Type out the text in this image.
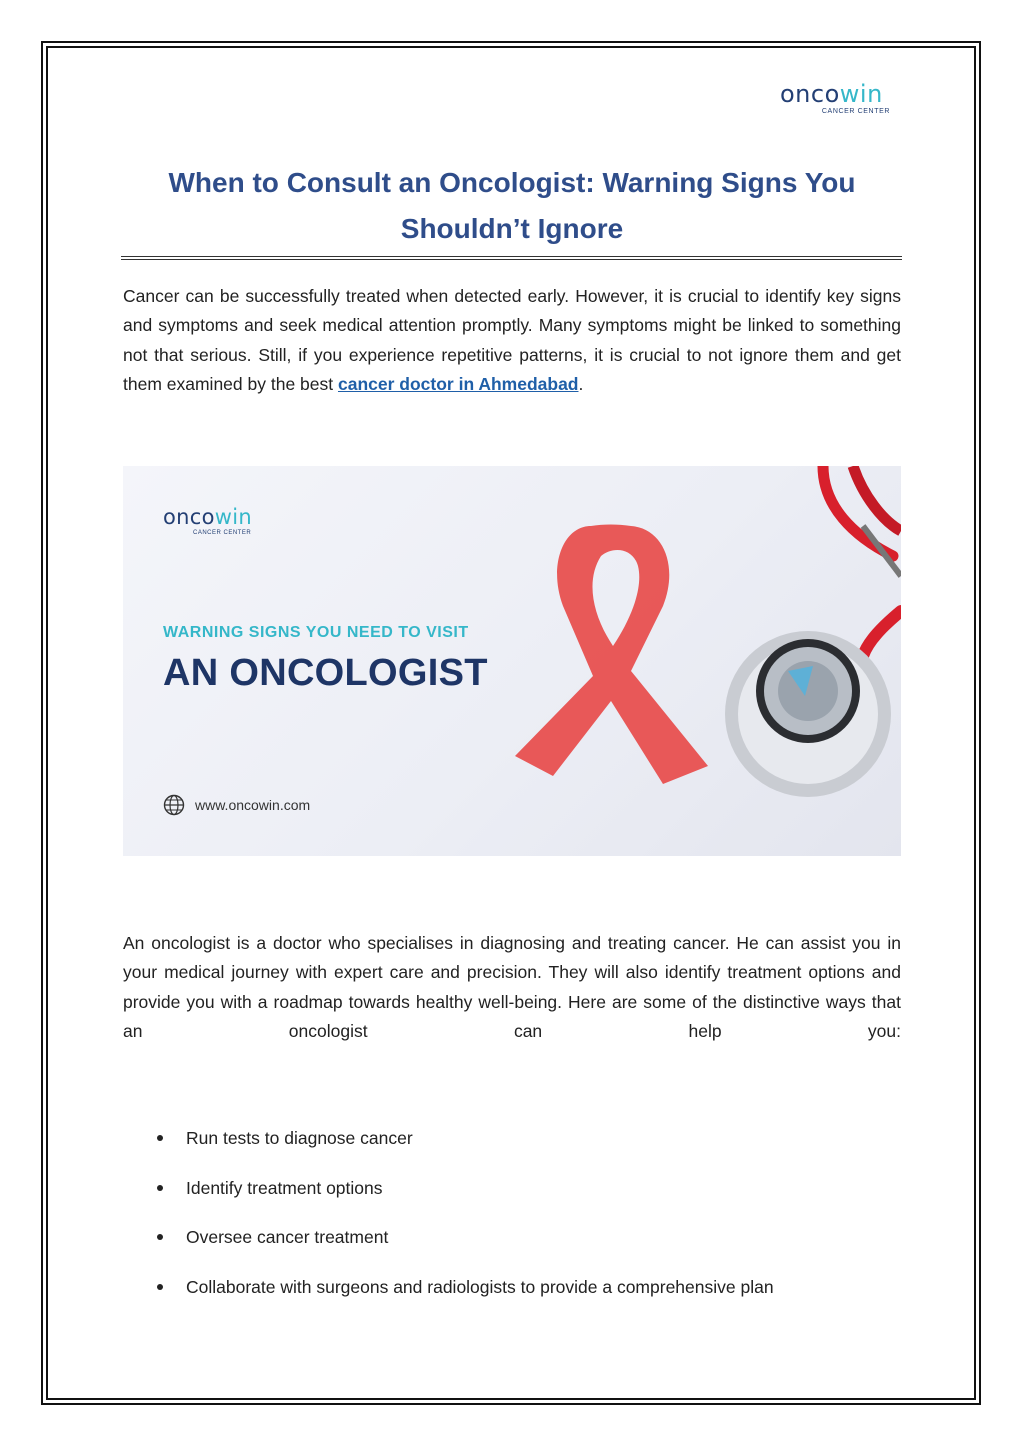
oncowin
CANCER CENTER
When to Consult an Oncologist: Warning Signs You Shouldn’t Ignore

Cancer can be successfully treated when detected early. However, it is crucial to identify key signs and symptoms and seek medical attention promptly. Many symptoms might be linked to something not that serious. Still, if you experience repetitive patterns, it is crucial to not ignore them and get them examined by the best cancer doctor in Ahmedabad.

oncowin
CANCER CENTER
WARNING SIGNS YOU NEED TO VISIT
AN ONCOLOGIST
www.oncowin.com

An oncologist is a doctor who specialises in diagnosing and treating cancer. He can assist you in your medical journey with expert care and precision. They will also identify treatment options and provide you with a roadmap towards healthy well-being. Here are some of the distinctive ways that an oncologist can help you:

Run tests to diagnose cancer
Identify treatment options
Oversee cancer treatment
Collaborate with surgeons and radiologists to provide a comprehensive plan
